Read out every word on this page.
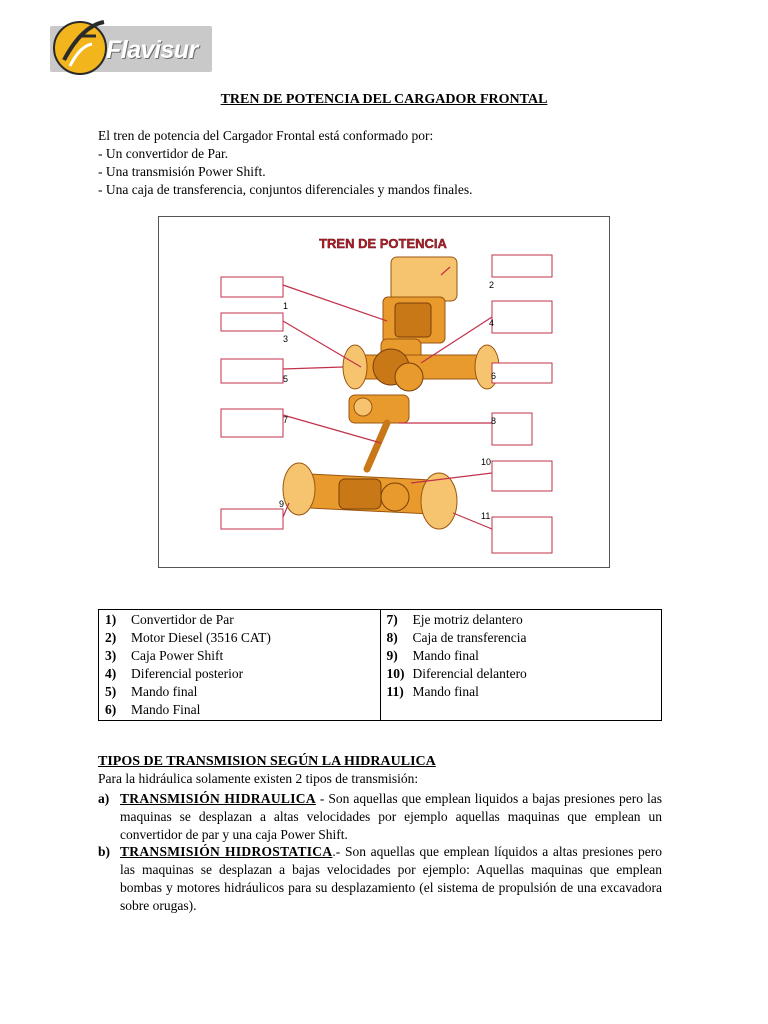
Flavisur
TREN DE POTENCIA DEL CARGADOR FRONTAL
El tren de potencia del Cargador Frontal está conformado por:
- Un convertidor de Par.
- Una transmisión Power Shift.
- Una caja de transferencia, conjuntos diferenciales y mandos finales.
TREN DE POTENCIA
1
2
3
4
5	6
7	8
9
10
11
1) Convertidor de Par
2) Motor Diesel (3516 CAT)
3) Caja Power Shift
4) Diferencial posterior
5) Mando final
6) Mando Final

7) Eje motriz delantero
8) Caja de transferencia
9) Mando final
10) Diferencial delantero
11) Mando final
TIPOS DE TRANSMISION SEGÚN LA HIDRAULICA
Para la hidráulica solamente existen 2 tipos de transmisión:
a) TRANSMISIÓN HIDRAULICA - Son aquellas que emplean liquidos a bajas presiones pero las maquinas se desplazan a altas velocidades por ejemplo aquellas maquinas que emplean un convertidor de par y una caja Power Shift.
b) TRANSMISIÓN HIDROSTATICA.- Son aquellas que emplean líquidos a altas presiones pero las maquinas se desplazan a bajas velocidades por ejemplo: Aquellas maquinas que emplean bombas y motores hidráulicos para su desplazamiento (el sistema de propulsión de una excavadora sobre orugas).
